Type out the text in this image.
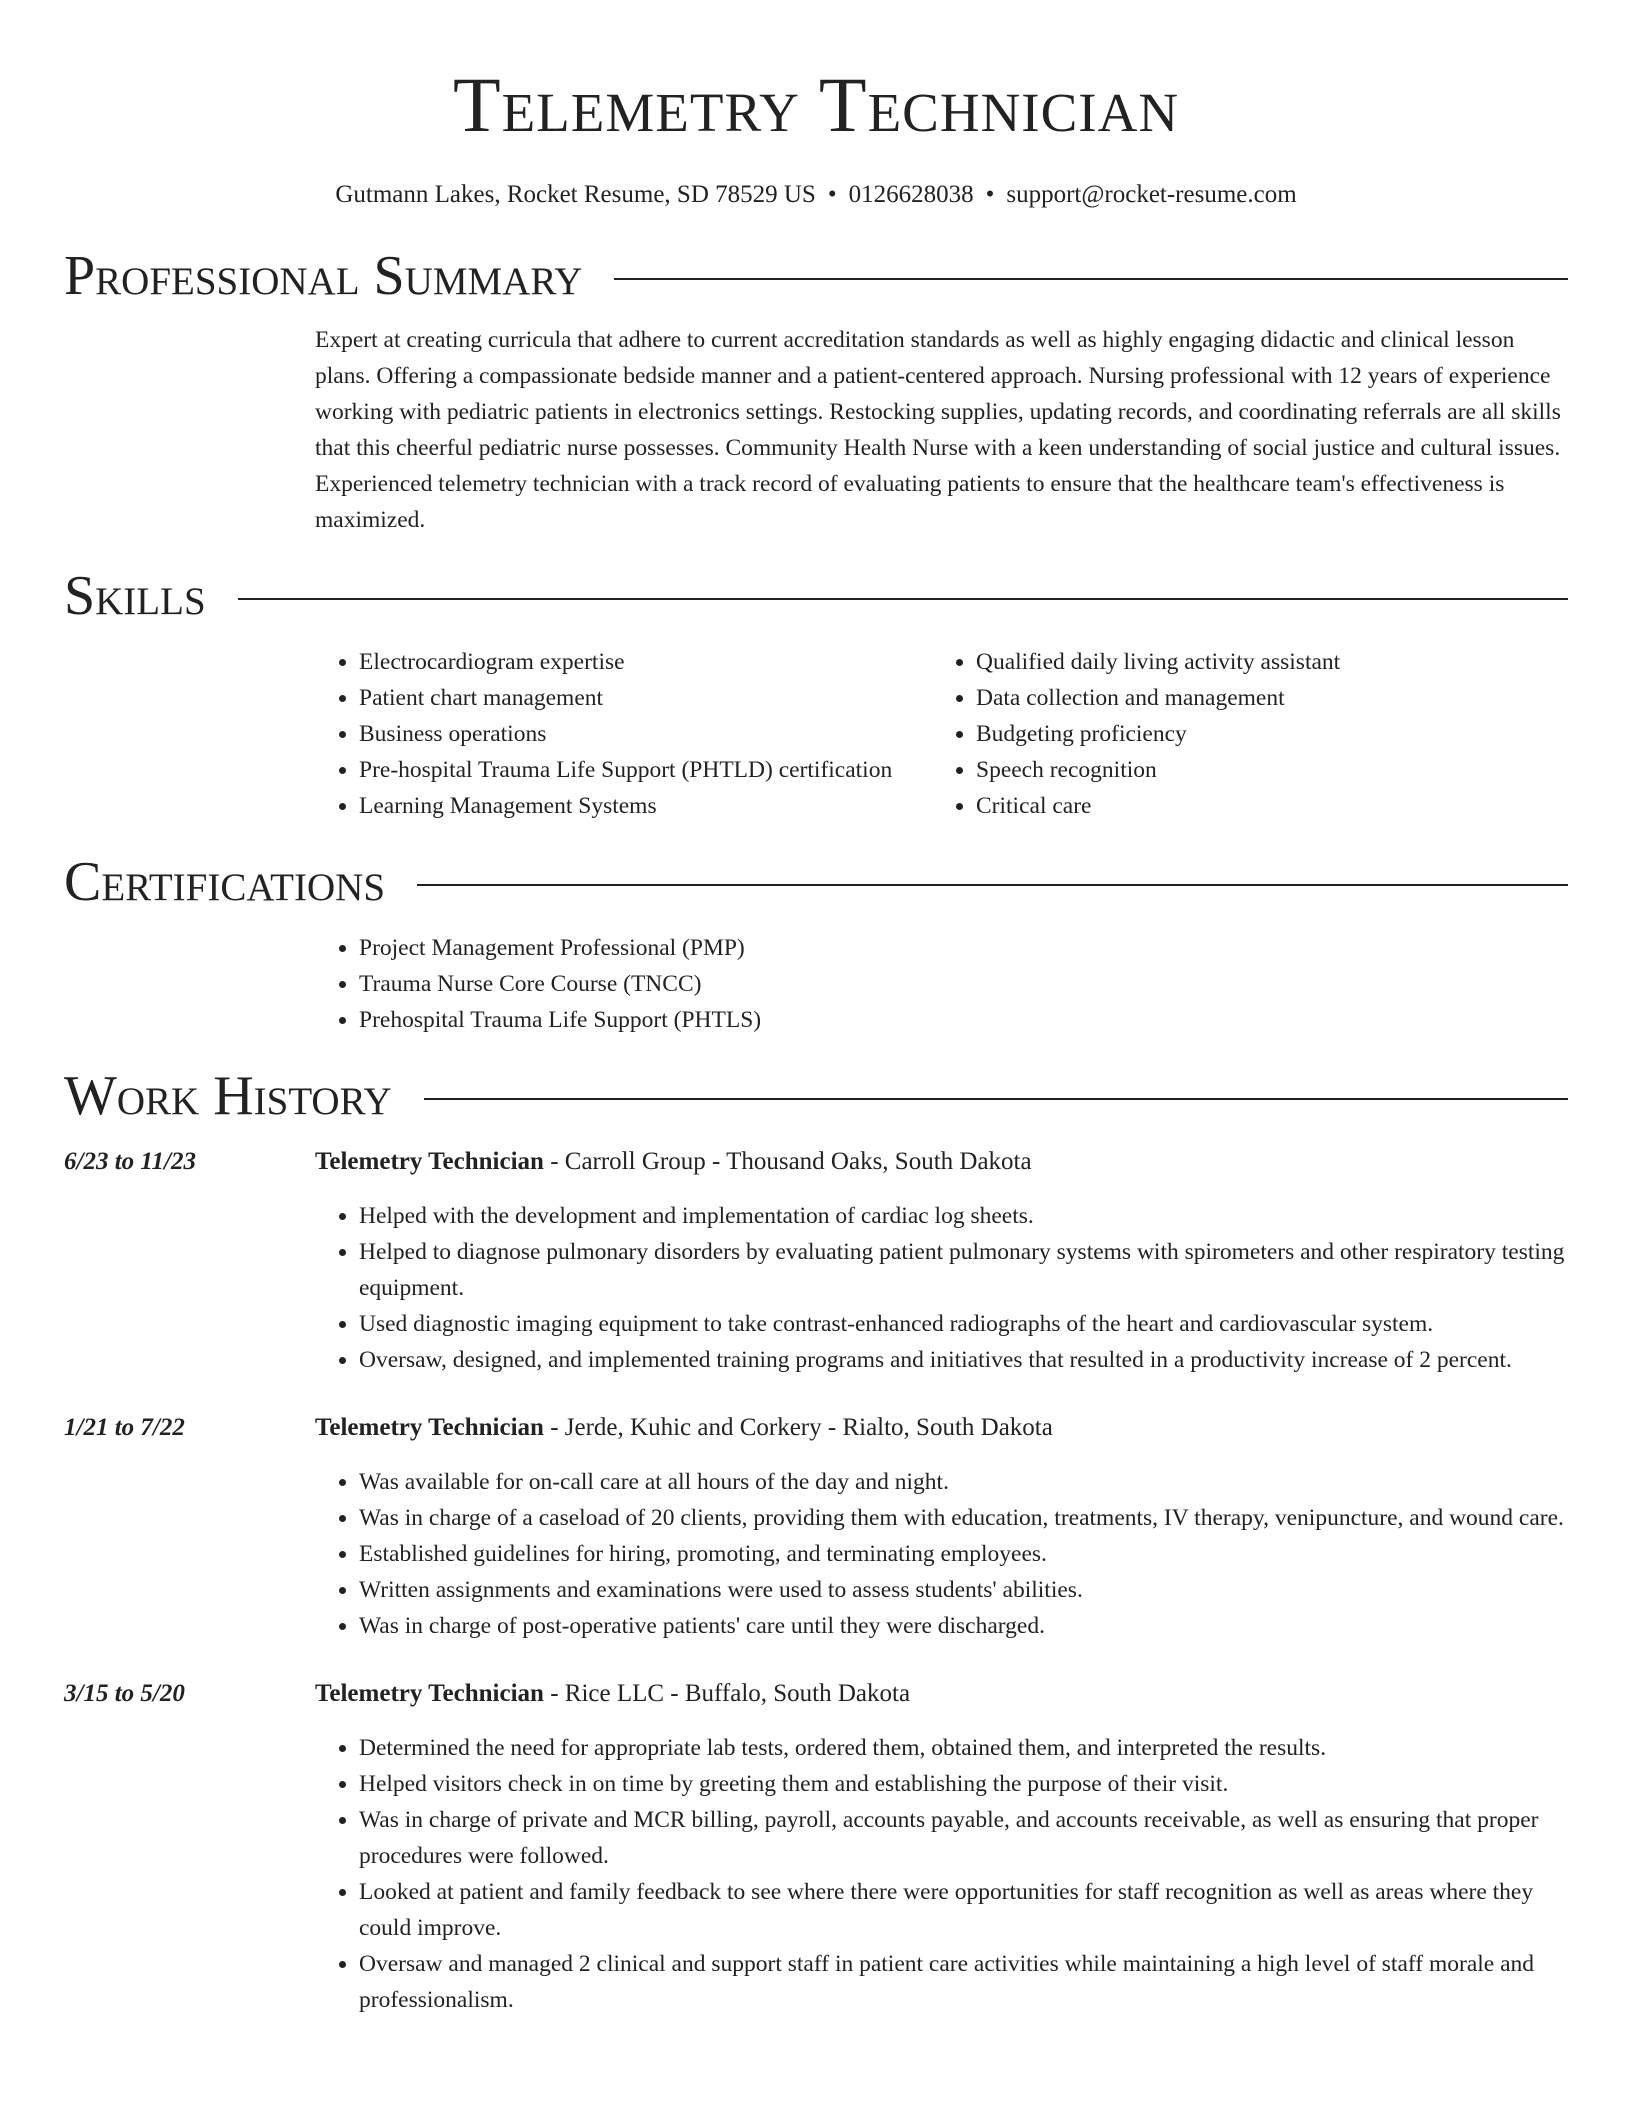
Telemetry Technician
Gutmann Lakes, Rocket Resume, SD 78529 US • 0126628038 • support@rocket-resume.com
Professional Summary
Expert at creating curricula that adhere to current accreditation standards as well as highly engaging didactic and clinical lesson plans. Offering a compassionate bedside manner and a patient-centered approach. Nursing professional with 12 years of experience working with pediatric patients in electronics settings. Restocking supplies, updating records, and coordinating referrals are all skills that this cheerful pediatric nurse possesses. Community Health Nurse with a keen understanding of social justice and cultural issues. Experienced telemetry technician with a track record of evaluating patients to ensure that the healthcare team's effectiveness is maximized.
Skills
• Electrocardiogram expertise
• Patient chart management
• Business operations
• Pre-hospital Trauma Life Support (PHTLD) certification
• Learning Management Systems
• Qualified daily living activity assistant
• Data collection and management
• Budgeting proficiency
• Speech recognition
• Critical care
Certifications
• Project Management Professional (PMP)
• Trauma Nurse Core Course (TNCC)
• Prehospital Trauma Life Support (PHTLS)
Work History
6/23 to 11/23	Telemetry Technician - Carroll Group - Thousand Oaks, South Dakota
• Helped with the development and implementation of cardiac log sheets.
• Helped to diagnose pulmonary disorders by evaluating patient pulmonary systems with spirometers and other respiratory testing equipment.
• Used diagnostic imaging equipment to take contrast-enhanced radiographs of the heart and cardiovascular system.
• Oversaw, designed, and implemented training programs and initiatives that resulted in a productivity increase of 2 percent.
1/21 to 7/22	Telemetry Technician - Jerde, Kuhic and Corkery - Rialto, South Dakota
• Was available for on-call care at all hours of the day and night.
• Was in charge of a caseload of 20 clients, providing them with education, treatments, IV therapy, venipuncture, and wound care.
• Established guidelines for hiring, promoting, and terminating employees.
• Written assignments and examinations were used to assess students' abilities.
• Was in charge of post-operative patients' care until they were discharged.
3/15 to 5/20	Telemetry Technician - Rice LLC - Buffalo, South Dakota
• Determined the need for appropriate lab tests, ordered them, obtained them, and interpreted the results.
• Helped visitors check in on time by greeting them and establishing the purpose of their visit.
• Was in charge of private and MCR billing, payroll, accounts payable, and accounts receivable, as well as ensuring that proper procedures were followed.
• Looked at patient and family feedback to see where there were opportunities for staff recognition as well as areas where they could improve.
• Oversaw and managed 2 clinical and support staff in patient care activities while maintaining a high level of staff morale and professionalism.
